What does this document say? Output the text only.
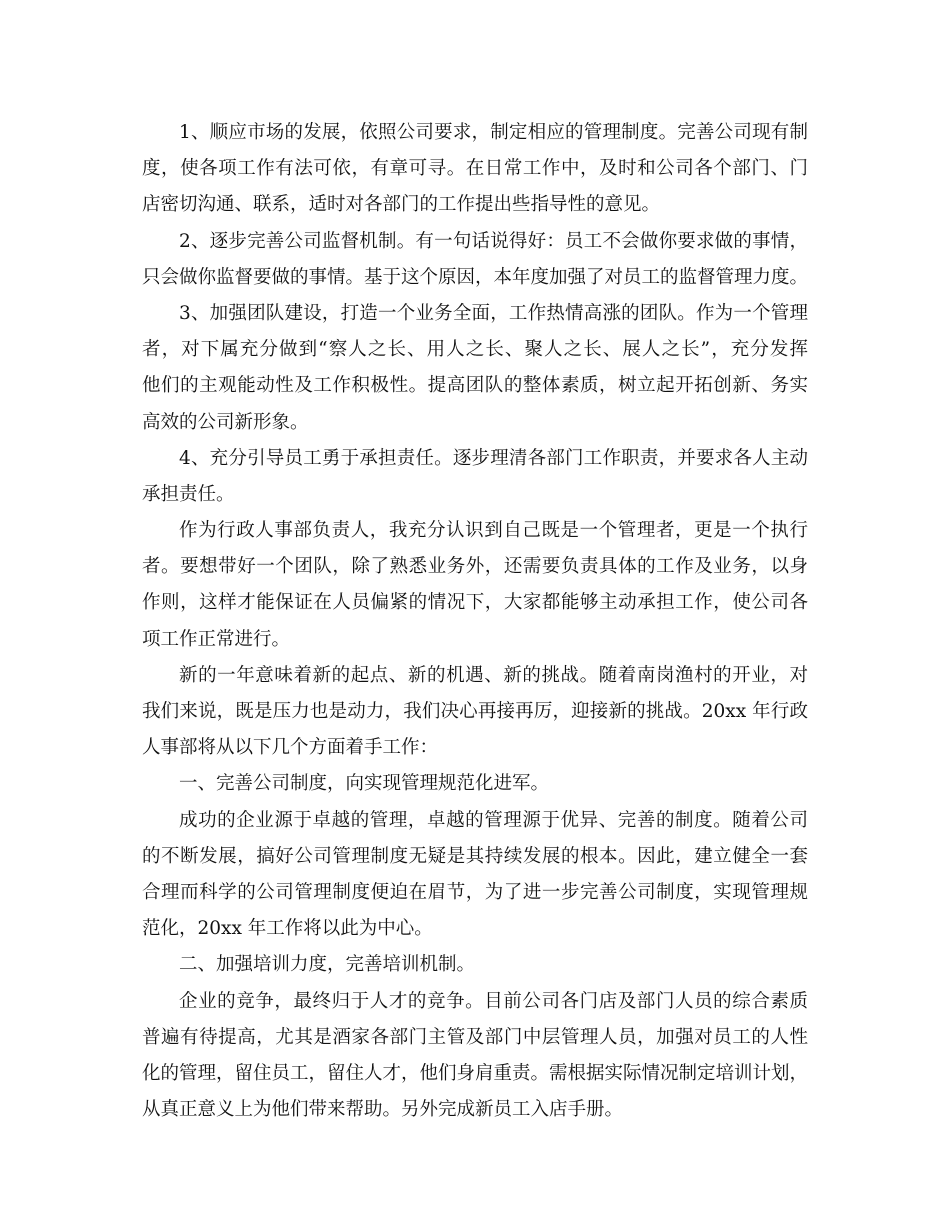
1、顺应市场的发展，依照公司要求，制定相应的管理制度。完善公司现有制
度，使各项工作有法可依，有章可寻。在日常工作中，及时和公司各个部门、门
店密切沟通、联系，适时对各部门的工作提出些指导性的意见。
2、逐步完善公司监督机制。有一句话说得好：员工不会做你要求做的事情，
只会做你监督要做的事情。基于这个原因，本年度加强了对员工的监督管理力度。
3、加强团队建设，打造一个业务全面，工作热情高涨的团队。作为一个管理
者，对下属充分做到“察人之长、用人之长、聚人之长、展人之长”，充分发挥
他们的主观能动性及工作积极性。提高团队的整体素质，树立起开拓创新、务实
高效的公司新形象。
4、充分引导员工勇于承担责任。逐步理清各部门工作职责，并要求各人主动
承担责任。
作为行政人事部负责人，我充分认识到自己既是一个管理者，更是一个执行
者。要想带好一个团队，除了熟悉业务外，还需要负责具体的工作及业务，以身
作则，这样才能保证在人员偏紧的情况下，大家都能够主动承担工作，使公司各
项工作正常进行。
新的一年意味着新的起点、新的机遇、新的挑战。随着南岗渔村的开业，对
我们来说，既是压力也是动力，我们决心再接再厉，迎接新的挑战。20xx 年行政
人事部将从以下几个方面着手工作：
一、完善公司制度，向实现管理规范化进军。
成功的企业源于卓越的管理，卓越的管理源于优异、完善的制度。随着公司
的不断发展，搞好公司管理制度无疑是其持续发展的根本。因此，建立健全一套
合理而科学的公司管理制度便迫在眉节，为了进一步完善公司制度，实现管理规
范化，20xx 年工作将以此为中心。
二、加强培训力度，完善培训机制。
企业的竞争，最终归于人才的竞争。目前公司各门店及部门人员的综合素质
普遍有待提高，尤其是酒家各部门主管及部门中层管理人员，加强对员工的人性
化的管理，留住员工，留住人才，他们身肩重责。需根据实际情况制定培训计划，
从真正意义上为他们带来帮助。另外完成新员工入店手册。
